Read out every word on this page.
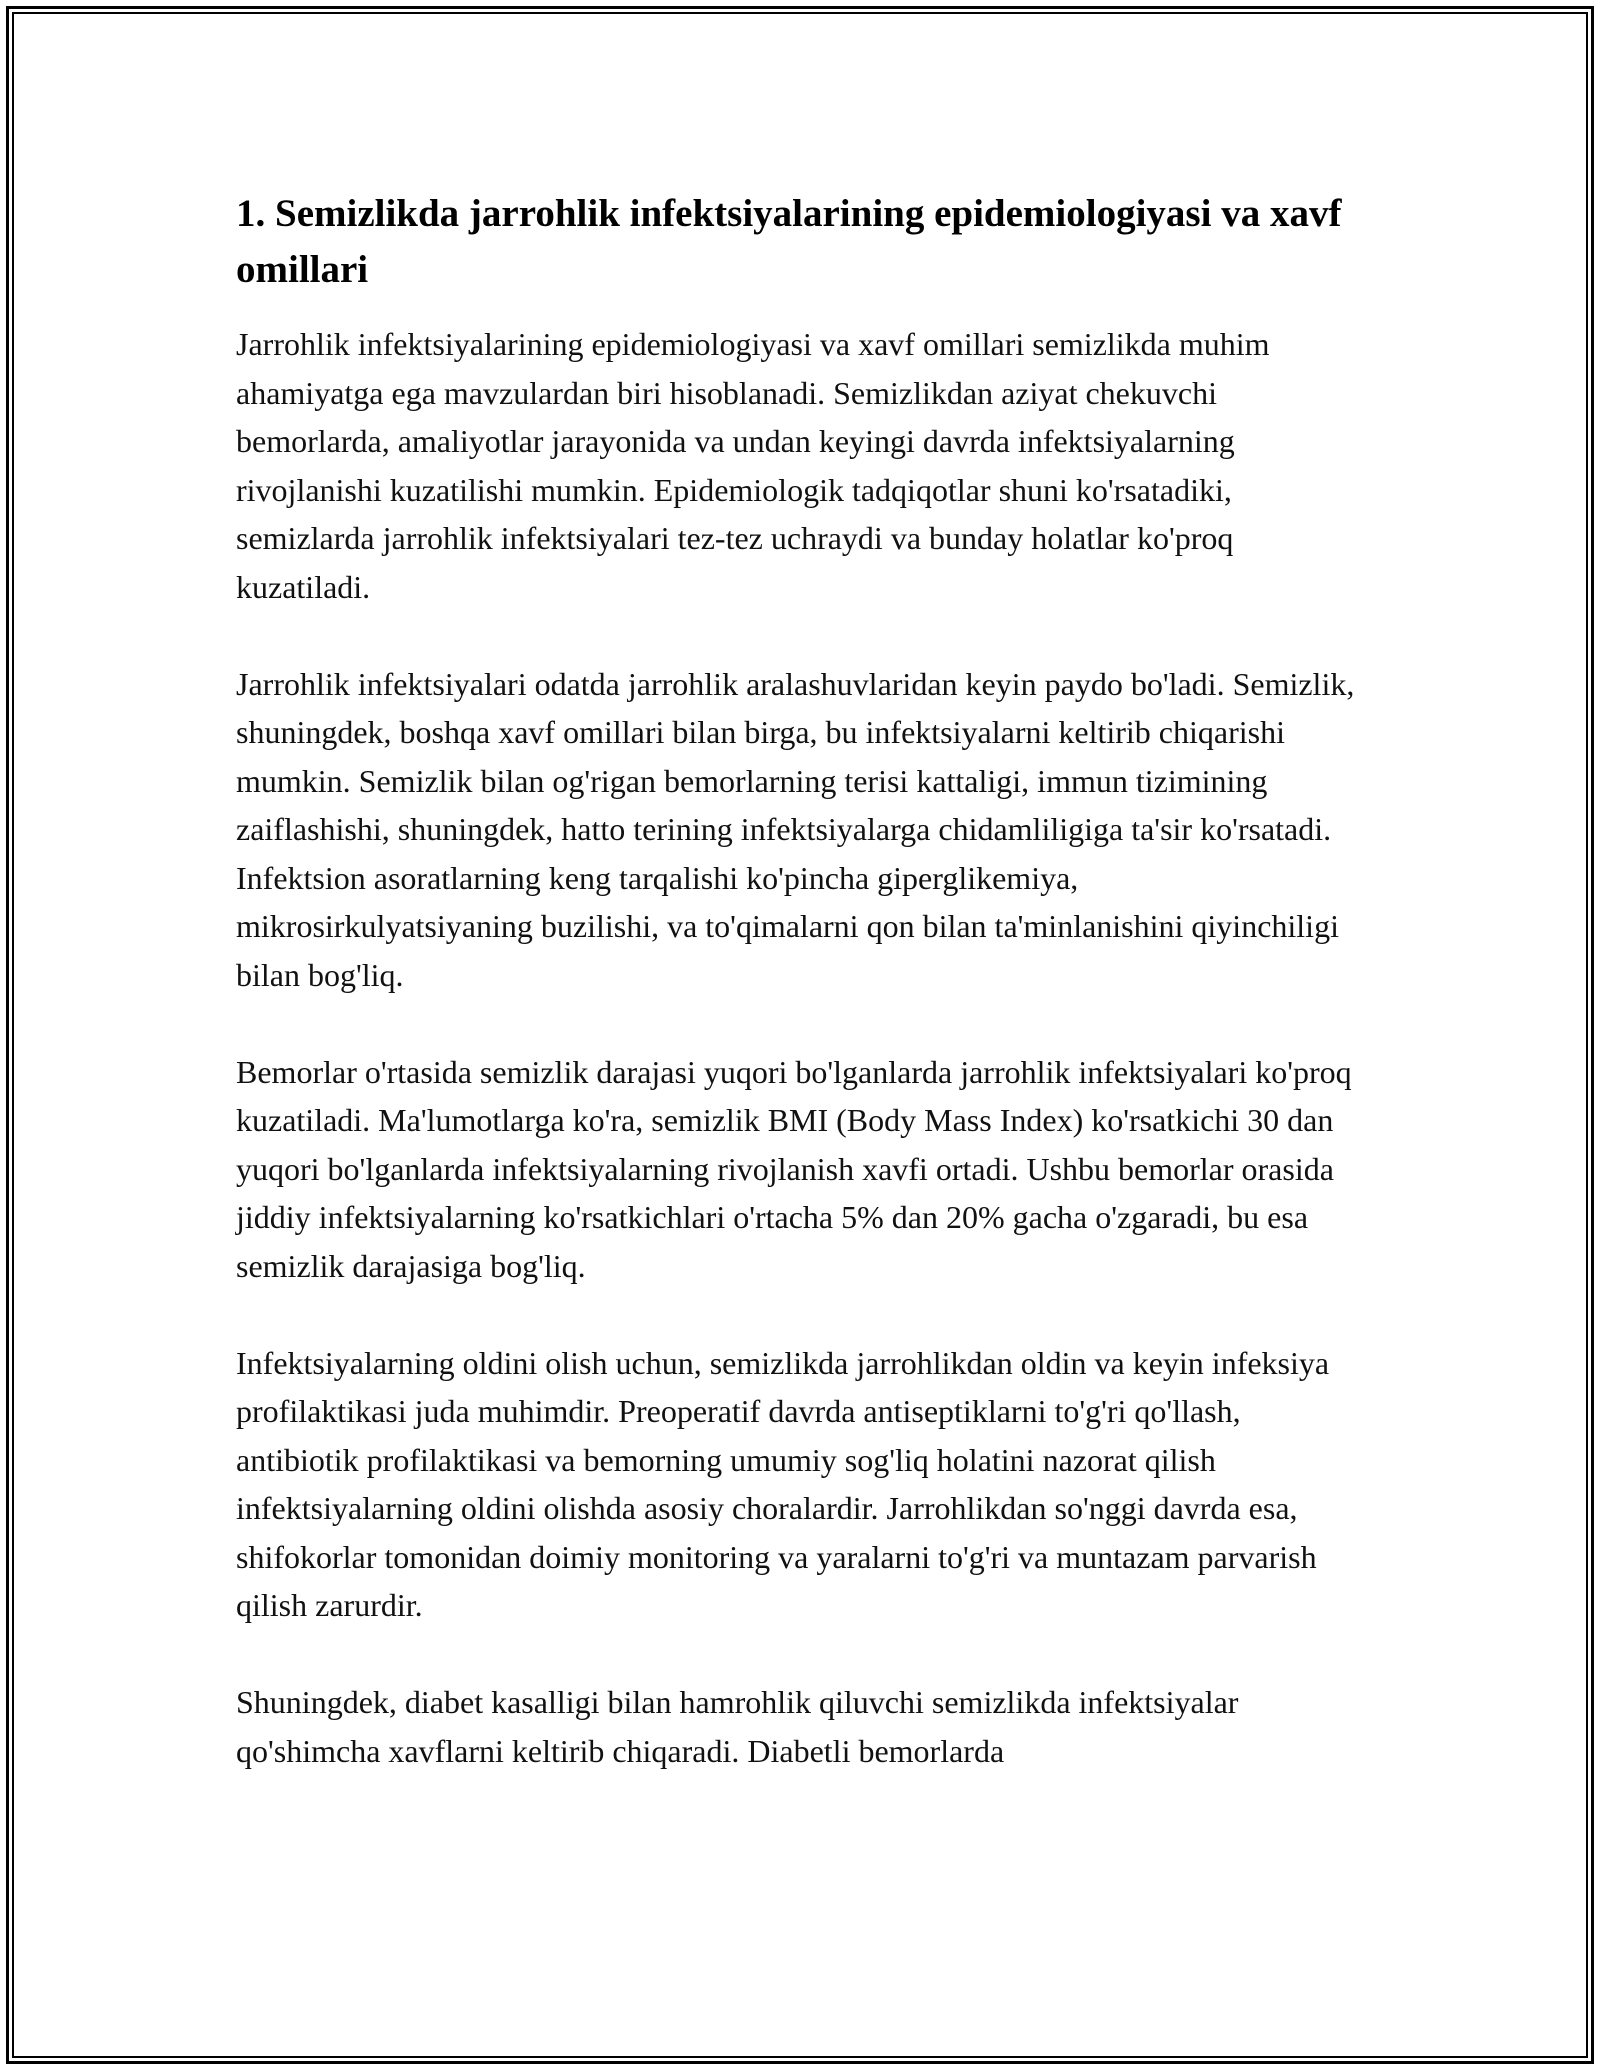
1. Semizlikda jarrohlik infektsiyalarining epidemiologiyasi va xavf omillari

Jarrohlik infektsiyalarining epidemiologiyasi va xavf omillari semizlikda muhim ahamiyatga ega mavzulardan biri hisoblanadi. Semizlikdan aziyat chekuvchi bemorlarda, amaliyotlar jarayonida va undan keyingi davrda infektsiyalarning rivojlanishi kuzatilishi mumkin. Epidemiologik tadqiqotlar shuni ko'rsatadiki, semizlarda jarrohlik infektsiyalari tez-tez uchraydi va bunday holatlar ko'proq kuzatiladi.

Jarrohlik infektsiyalari odatda jarrohlik aralashuvlaridan keyin paydo bo'ladi. Semizlik, shuningdek, boshqa xavf omillari bilan birga, bu infektsiyalarni keltirib chiqarishi mumkin. Semizlik bilan og'rigan bemorlarning terisi kattaligi, immun tizimining zaiflashishi, shuningdek, hatto terining infektsiyalarga chidamliligiga ta'sir ko'rsatadi. Infektsion asoratlarning keng tarqalishi ko'pincha giperglikemiya, mikrosirkulyatsiyaning buzilishi, va to'qimalarni qon bilan ta'minlanishini qiyinchiligi bilan bog'liq.

Bemorlar o'rtasida semizlik darajasi yuqori bo'lganlarda jarrohlik infektsiyalari ko'proq kuzatiladi. Ma'lumotlarga ko'ra, semizlik BMI (Body Mass Index) ko'rsatkichi 30 dan yuqori bo'lganlarda infektsiyalarning rivojlanish xavfi ortadi. Ushbu bemorlar orasida jiddiy infektsiyalarning ko'rsatkichlari o'rtacha 5% dan 20% gacha o'zgaradi, bu esa semizlik darajasiga bog'liq.

Infektsiyalarning oldini olish uchun, semizlikda jarrohlikdan oldin va keyin infeksiya profilaktikasi juda muhimdir. Preoperatif davrda antiseptiklarni to'g'ri qo'llash, antibiotik profilaktikasi va bemorning umumiy sog'liq holatini nazorat qilish infektsiyalarning oldini olishda asosiy choralardir. Jarrohlikdan so'nggi davrda esa, shifokorlar tomonidan doimiy monitoring va yaralarni to'g'ri va muntazam parvarish qilish zarurdir.

Shuningdek, diabet kasalligi bilan hamrohlik qiluvchi semizlikda infektsiyalar qo'shimcha xavflarni keltirib chiqaradi. Diabetli bemorlarda
